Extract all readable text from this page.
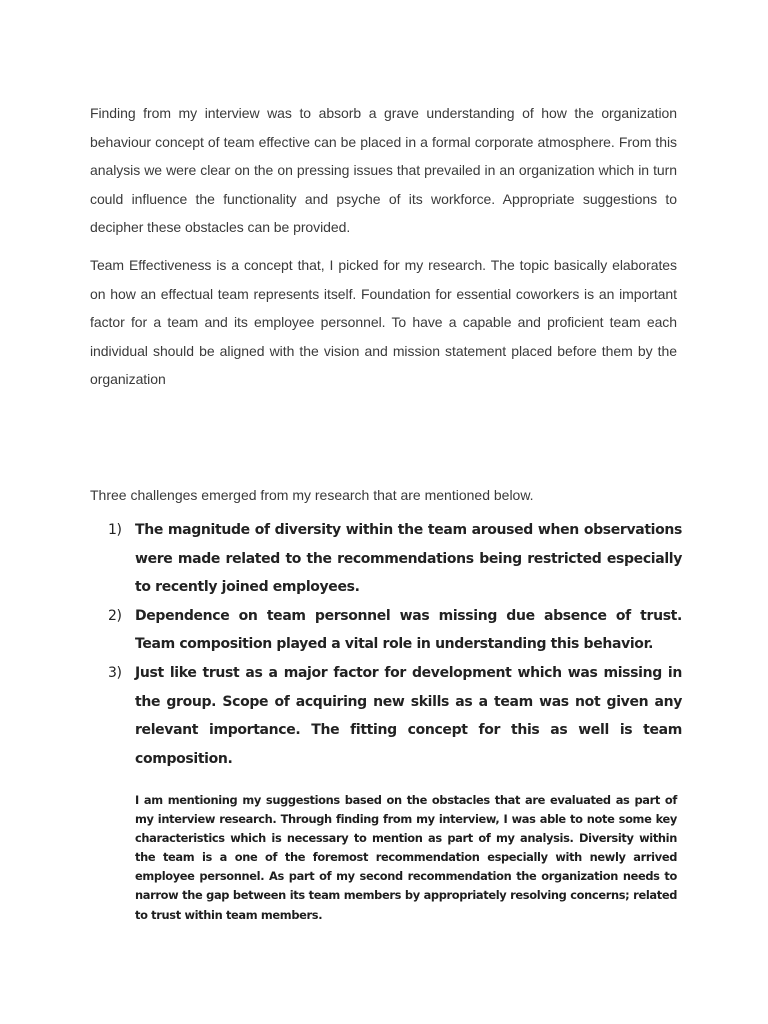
Finding from my interview was to absorb a grave understanding of how the organization behaviour concept of team effective can be placed in a formal corporate atmosphere. From this analysis we were clear on the on pressing issues that prevailed in an organization which in turn could influence the functionality and psyche of its workforce. Appropriate suggestions to decipher these obstacles can be provided.

Team Effectiveness is a concept that, I picked for my research. The topic basically elaborates on how an effectual team represents itself. Foundation for essential coworkers is an important factor for a team and its employee personnel. To have a capable and proficient team each individual should be aligned with the vision and mission statement placed before them by the organization

Three challenges emerged from my research that are mentioned below.

1) The magnitude of diversity within the team aroused when observations were made related to the recommendations being restricted especially to recently joined employees.
2) Dependence on team personnel was missing due absence of trust. Team composition played a vital role in understanding this behavior.
3) Just like trust as a major factor for development which was missing in the group. Scope of acquiring new skills as a team was not given any relevant importance. The fitting concept for this as well is team composition.

I am mentioning my suggestions based on the obstacles that are evaluated as part of my interview research. Through finding from my interview, I was able to note some key characteristics which is necessary to mention as part of my analysis. Diversity within the team is a one of the foremost recommendation especially with newly arrived employee personnel. As part of my second recommendation the organization needs to narrow the gap between its team members by appropriately resolving concerns; related to trust within team members.
